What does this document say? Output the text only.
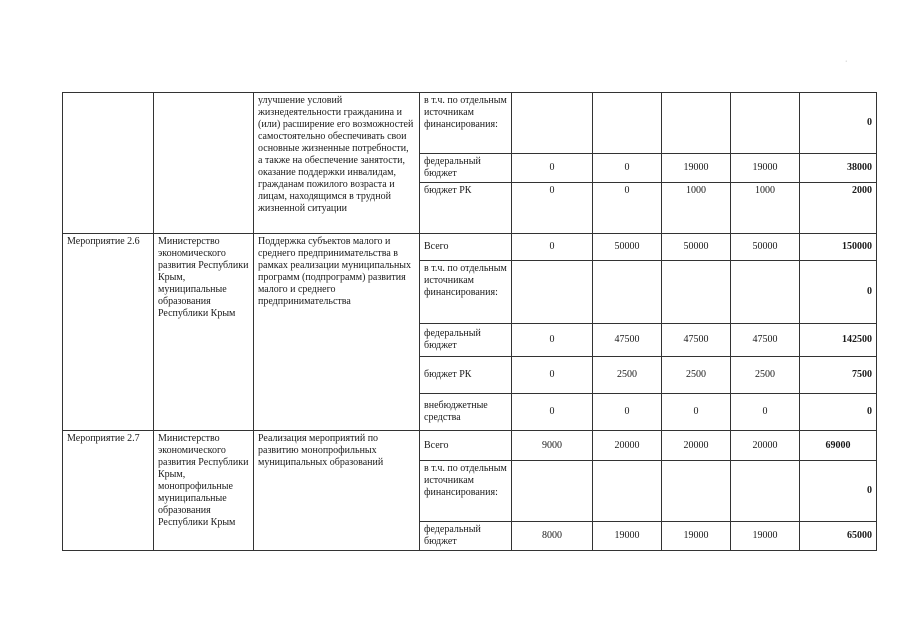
·
		улучшение условий жизнедеятельности гражданина и (или) расширение его возможностей самостоятельно обеспечивать свои основные жизненные потребности, а также на обеспечение занятости, оказание поддержки инвалидам, гражданам пожилого возраста и лицам, находящимся в трудной жизненной ситуации	в т.ч. по отдельным источникам финансирования:					0
			федеральный бюджет	0	0	19000	19000	38000
			бюджет РК	0	0	1000	1000	2000
Мероприятие 2.6	Министерство экономического развития Республики Крым, муниципальные образования Республики Крым	Поддержка субъектов малого и среднего предпринимательства в рамках реализации муниципальных программ (подпрограмм) развития малого и среднего предпринимательства	Всего	0	50000	50000	50000	150000
			в т.ч. по отдельным источникам финансирования:					0
			федеральный бюджет	0	47500	47500	47500	142500
			бюджет РК	0	2500	2500	2500	7500
			внебюджетные средства	0	0	0	0	0
Мероприятие 2.7	Министерство экономического развития Республики Крым, монопрофильные муниципальные образования Республики Крым	Реализация мероприятий по развитию монопрофильных муниципальных образований	Всего	9000	20000	20000	20000	69000
			в т.ч. по отдельным источникам финансирования:					0
			федеральный бюджет	8000	19000	19000	19000	65000
